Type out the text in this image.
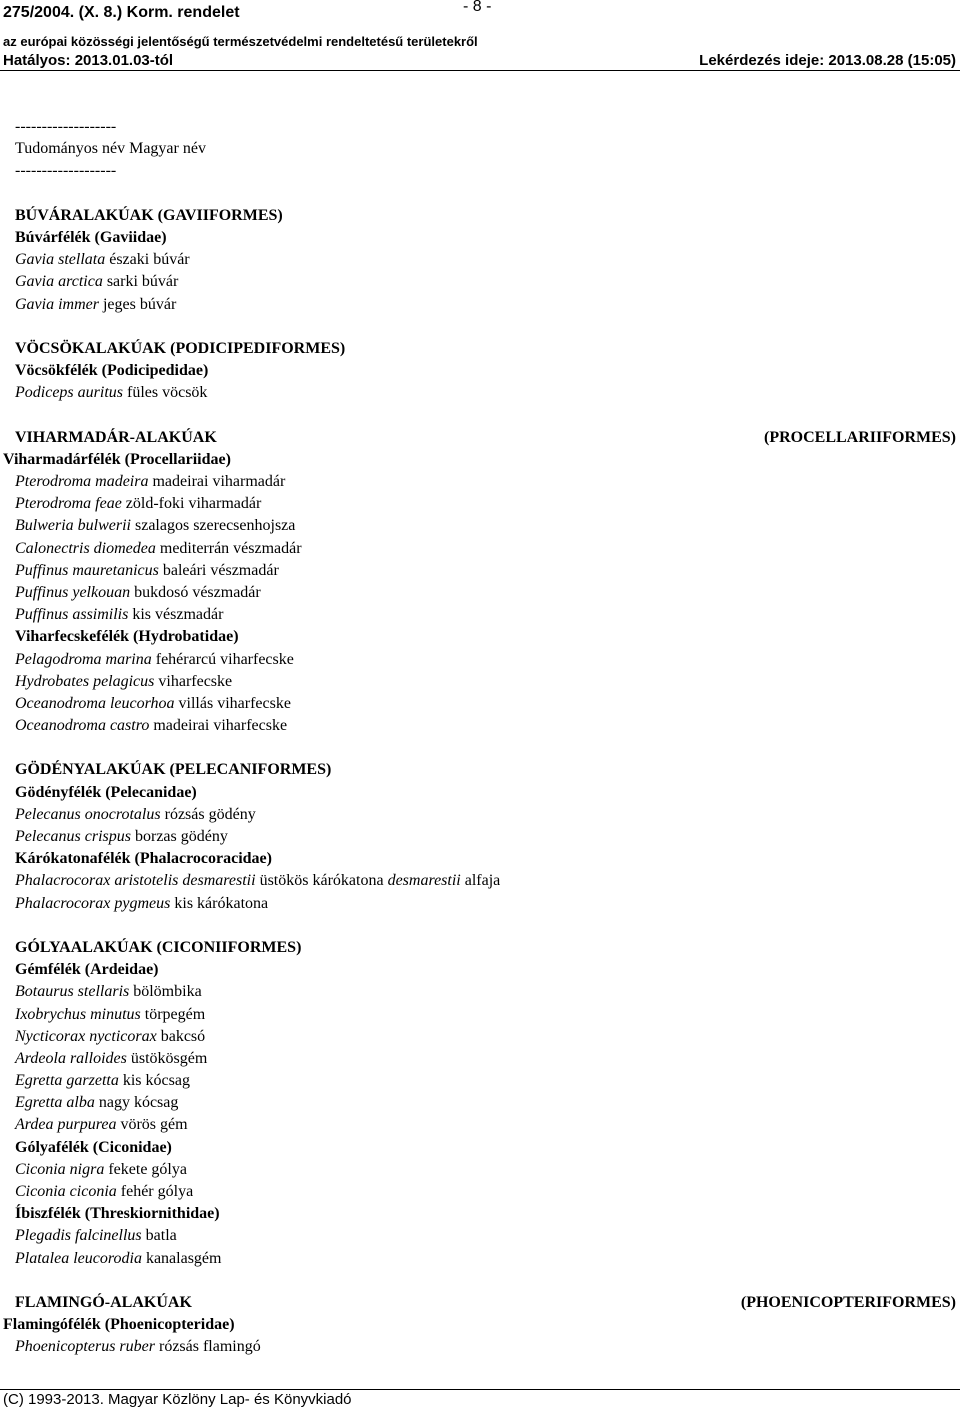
275/2004. (X. 8.) Korm. rendelet	- 8 -
az európai közösségi jelentőségű természetvédelmi rendeltetésű területekről
Hatályos: 2013.01.03-tól	Lekérdezés ideje: 2013.08.28 (15:05)
-------------------
Tudományos név Magyar név
-------------------
BÚVÁRALAKÚAK (GAVIIFORMES)
Búvárfélék (Gaviidae)
Gavia stellata északi búvár
Gavia arctica sarki búvár
Gavia immer jeges búvár
VÖCSÖKALAKÚAK (PODICIPEDIFORMES)
Vöcsökfélék (Podicipedidae)
Podiceps auritus füles vöcsök
VIHARMADÁR-ALAKÚAK	(PROCELLARIIFORMES)
Viharmadárfélék (Procellariidae)
Pterodroma madeira madeirai viharmadár
Pterodroma feae zöld-foki viharmadár
Bulweria bulwerii szalagos szerecsenhojsza
Calonectris diomedea mediterrán vészmadár
Puffinus mauretanicus baleári vészmadár
Puffinus yelkouan bukdosó vészmadár
Puffinus assimilis kis vészmadár
Viharfecskefélék (Hydrobatidae)
Pelagodroma marina fehérarcú viharfecske
Hydrobates pelagicus viharfecske
Oceanodroma leucorhoa villás viharfecske
Oceanodroma castro madeirai viharfecske
GÖDÉNYALAKÚAK (PELECANIFORMES)
Gödényfélék (Pelecanidae)
Pelecanus onocrotalus rózsás gödény
Pelecanus crispus borzas gödény
Kárókatonafélék (Phalacrocoracidae)
Phalacrocorax aristotelis desmarestii üstökös kárókatona desmarestii alfaja
Phalacrocorax pygmeus kis kárókatona
GÓLYAALAKÚAK (CICONIIFORMES)
Gémfélék (Ardeidae)
Botaurus stellaris bölömbika
Ixobrychus minutus törpegém
Nycticorax nycticorax bakcsó
Ardeola ralloides üstökösgém
Egretta garzetta kis kócsag
Egretta alba nagy kócsag
Ardea purpurea vörös gém
Gólyafélék (Ciconidae)
Ciconia nigra fekete gólya
Ciconia ciconia fehér gólya
Íbiszfélék (Threskiornithidae)
Plegadis falcinellus batla
Platalea leucorodia kanalasgém
FLAMINGÓ-ALAKÚAK	(PHOENICOPTERIFORMES)
Flamingófélék (Phoenicopteridae)
Phoenicopterus ruber rózsás flamingó
(C) 1993-2013. Magyar Közlöny Lap- és Könyvkiadó
